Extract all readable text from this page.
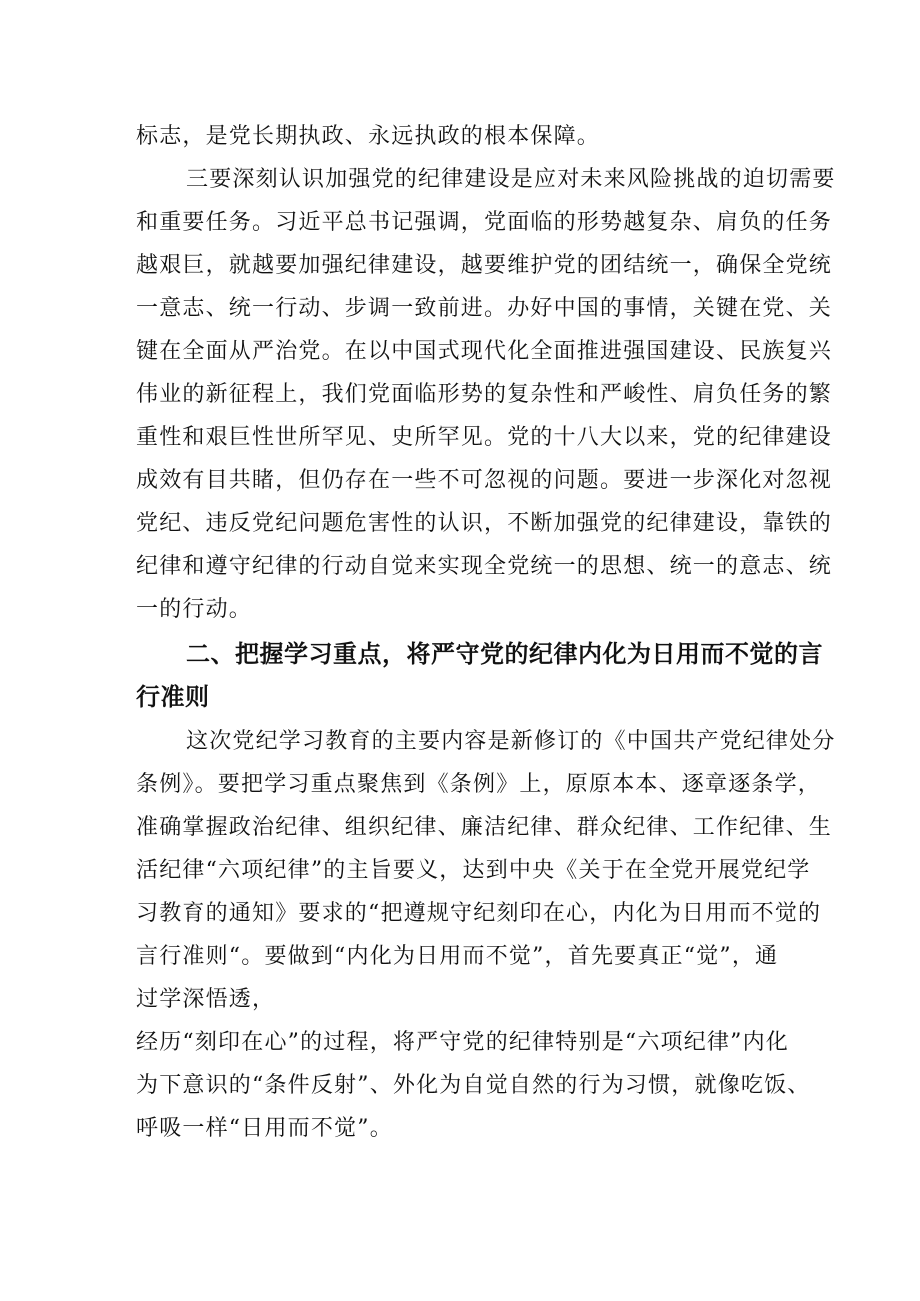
标志，是党长期执政、永远执政的根本保障。
三要深刻认识加强党的纪律建设是应对未来风险挑战的迫切需要
和重要任务。习近平总书记强调，党面临的形势越复杂、肩负的任务
越艰巨，就越要加强纪律建设，越要维护党的团结统一，确保全党统
一意志、统一行动、步调一致前进。办好中国的事情，关键在党、关
键在全面从严治党。在以中国式现代化全面推进强国建设、民族复兴
伟业的新征程上，我们党面临形势的复杂性和严峻性、肩负任务的繁
重性和艰巨性世所罕见、史所罕见。党的十八大以来，党的纪律建设
成效有目共睹，但仍存在一些不可忽视的问题。要进一步深化对忽视
党纪、违反党纪问题危害性的认识，不断加强党的纪律建设，靠铁的
纪律和遵守纪律的行动自觉来实现全党统一的思想、统一的意志、统
一的行动。
二、把握学习重点，将严守党的纪律内化为日用而不觉的言
行准则
这次党纪学习教育的主要内容是新修订的《中国共产党纪律处分
条例》。要把学习重点聚焦到《条例》上，原原本本、逐章逐条学，
准确掌握政治纪律、组织纪律、廉洁纪律、群众纪律、工作纪律、生
活纪律“六项纪律”的主旨要义，达到中央《关于在全党开展党纪学
习教育的通知》要求的“把遵规守纪刻印在心，内化为日用而不觉的
言行准则“。要做到“内化为日用而不觉”，首先要真正“觉”，通
过学深悟透，
经历“刻印在心”的过程，将严守党的纪律特别是“六项纪律”内化
为下意识的“条件反射”、外化为自觉自然的行为习惯，就像吃饭、
呼吸一样“日用而不觉”。
